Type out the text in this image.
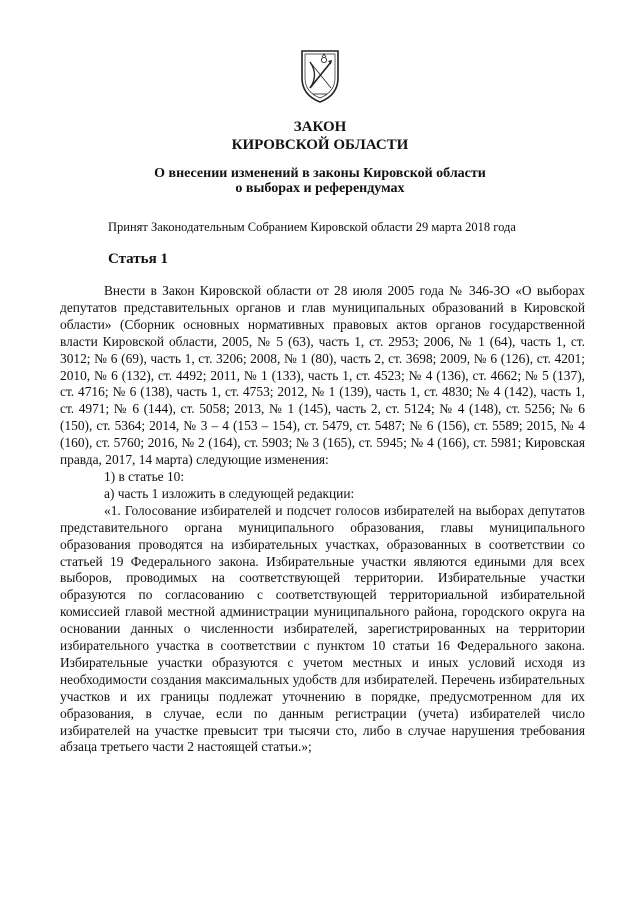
ЗАКОН
КИРОВСКОЙ ОБЛАСТИ
О внесении изменений в законы Кировской области
о выборах и референдумах
Принят Законодательным Собранием Кировской области 29 марта 2018 года
Статья 1

Внести в Закон Кировской области от 28 июля 2005 года № 346-ЗО «О выборах депутатов представительных органов и глав муниципальных образований в Кировской области» (Сборник основных нормативных правовых актов органов государственной власти Кировской области, 2005, № 5 (63), часть 1, ст. 2953; 2006, № 1 (64), часть 1, ст. 3012; № 6 (69), часть 1, ст. 3206; 2008, № 1 (80), часть 2, ст. 3698; 2009, № 6 (126), ст. 4201; 2010, № 6 (132), ст. 4492; 2011, № 1 (133), часть 1, ст. 4523; № 4 (136), ст. 4662; № 5 (137), ст. 4716; № 6 (138), часть 1, ст. 4753; 2012, № 1 (139), часть 1, ст. 4830; № 4 (142), часть 1, ст. 4971; № 6 (144), ст. 5058; 2013, № 1 (145), часть 2, ст. 5124; № 4 (148), ст. 5256; № 6 (150), ст. 5364; 2014, № 3 – 4 (153 – 154), ст. 5479, ст. 5487; № 6 (156), ст. 5589; 2015, № 4 (160), ст. 5760; 2016, № 2 (164), ст. 5903; № 3 (165), ст. 5945; № 4 (166), ст. 5981; Кировская правда, 2017, 14 марта) следующие изменения:

1) в статье 10:

а) часть 1 изложить в следующей редакции:

«1. Голосование избирателей и подсчет голосов избирателей на выборах депутатов представительного органа муниципального образования, главы муниципального образования проводятся на избирательных участках, образованных в соответствии со статьей 19 Федерального закона. Избирательные участки являются едиными для всех выборов, проводимых на соответствующей территории. Избирательные участки образуются по согласованию с соответствующей территориальной избирательной комиссией главой местной администрации муниципального района, городского округа на основании данных о численности избирателей, зарегистрированных на территории избирательного участка в соответствии с пунктом 10 статьи 16 Федерального закона. Избирательные участки образуются с учетом местных и иных условий исходя из необходимости создания максимальных удобств для избирателей. Перечень избирательных участков и их границы подлежат уточнению в порядке, предусмотренном для их образования, в случае, если по данным регистрации (учета) избирателей число избирателей на участке превысит три тысячи сто, либо в случае нарушения требования абзаца третьего части 2 настоящей статьи.»;
